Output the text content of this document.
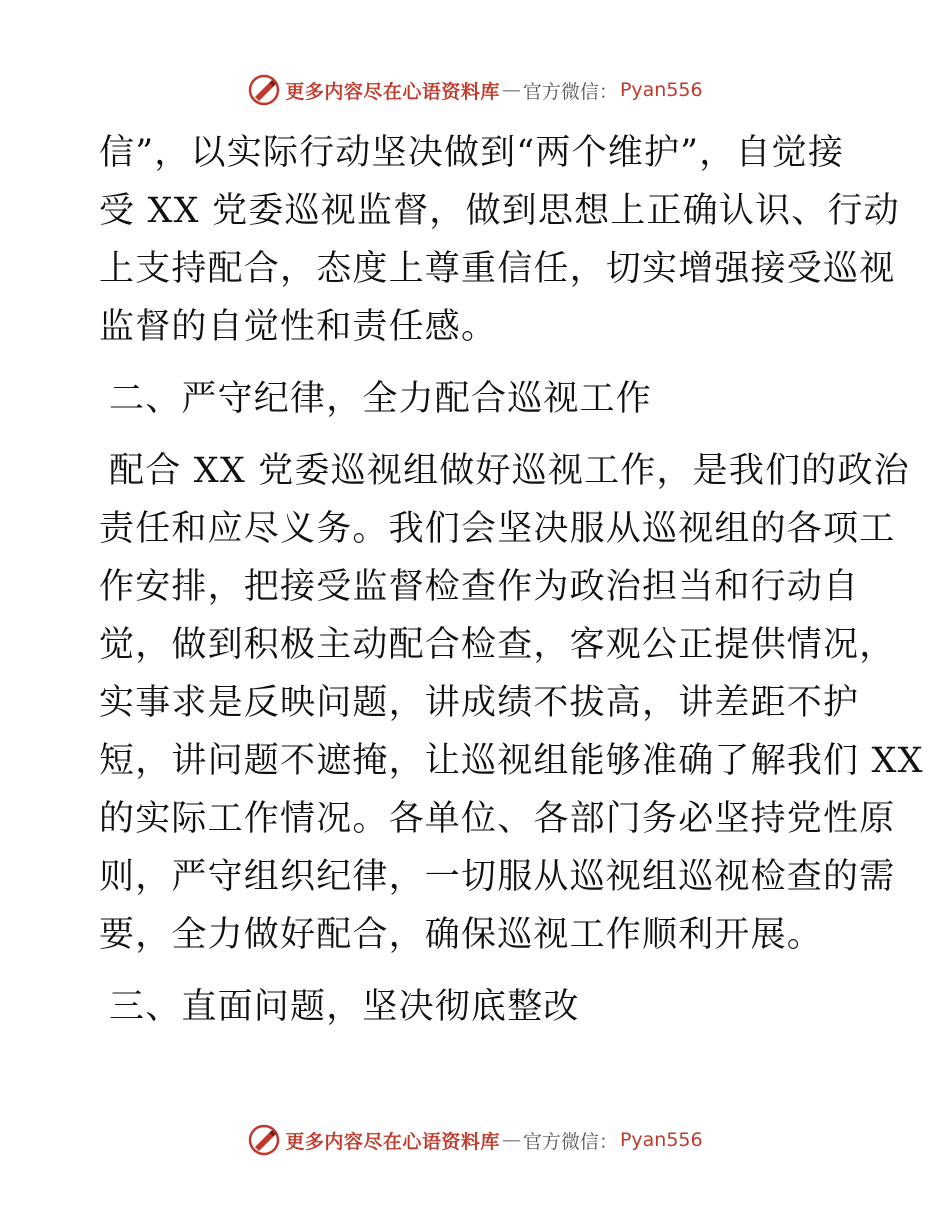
更多内容尽在心语资料库 — 官方微信： Pyan556
信”，以实际行动坚决做到“两个维护”，自觉接
受 XX 党委巡视监督，做到思想上正确认识、行动
上支持配合，态度上尊重信任，切实增强接受巡视
监督的自觉性和责任感。
二、严守纪律，全力配合巡视工作
配合 XX 党委巡视组做好巡视工作，是我们的政治
责任和应尽义务。我们会坚决服从巡视组的各项工
作安排，把接受监督检查作为政治担当和行动自
觉，做到积极主动配合检查，客观公正提供情况，
实事求是反映问题，讲成绩不拔高，讲差距不护
短，讲问题不遮掩，让巡视组能够准确了解我们 XX
的实际工作情况。各单位、各部门务必坚持党性原
则，严守组织纪律，一切服从巡视组巡视检查的需
要，全力做好配合，确保巡视工作顺利开展。
三、直面问题，坚决彻底整改
更多内容尽在心语资料库 — 官方微信： Pyan556
